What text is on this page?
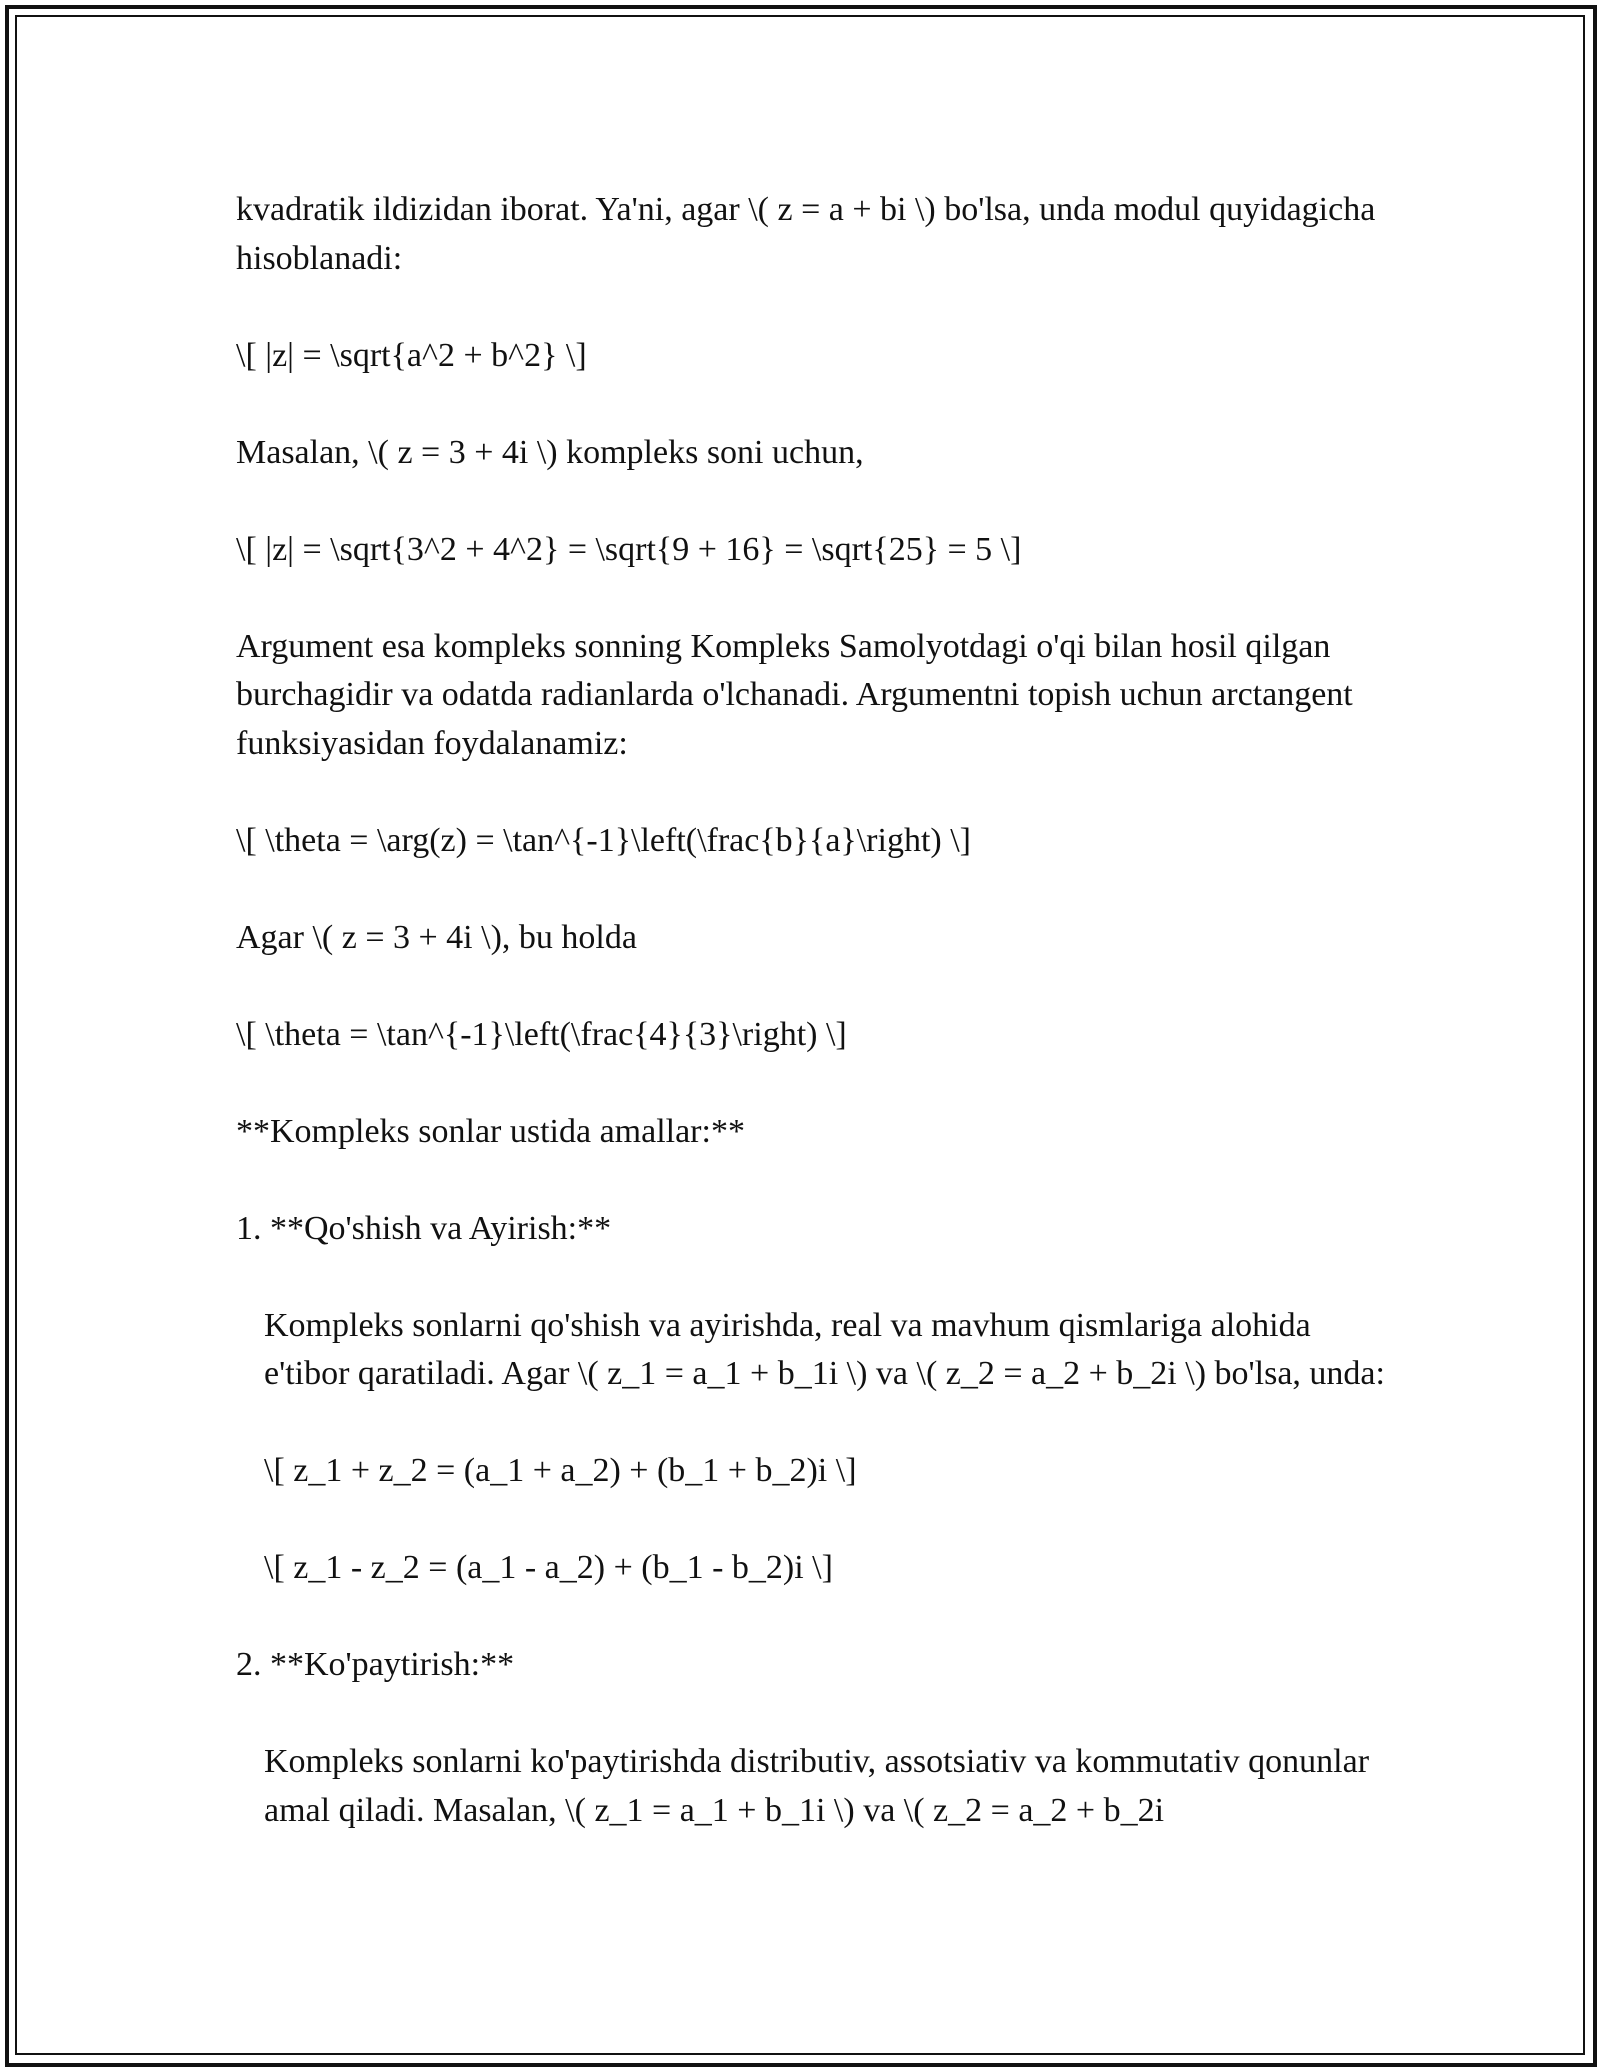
kvadratik ildizidan iborat. Ya'ni, agar \( z = a + bi \) bo'lsa, unda modul quyidagicha hisoblanadi:

\[ |z| = \sqrt{a^2 + b^2} \]

Masalan, \( z = 3 + 4i \) kompleks soni uchun,

\[ |z| = \sqrt{3^2 + 4^2} = \sqrt{9 + 16} = \sqrt{25} = 5 \]

Argument esa kompleks sonning Kompleks Samolyotdagi o'qi bilan hosil qilgan burchagidir va odatda radianlarda o'lchanadi. Argumentni topish uchun arctangent funksiyasidan foydalanamiz:

\[ \theta = \arg(z) = \tan^{-1}\left(\frac{b}{a}\right) \]

Agar \( z = 3 + 4i \), bu holda

\[ \theta = \tan^{-1}\left(\frac{4}{3}\right) \]

**Kompleks sonlar ustida amallar:**

1. **Qo'shish va Ayirish:**

Kompleks sonlarni qo'shish va ayirishda, real va mavhum qismlariga alohida e'tibor qaratiladi. Agar \( z_1 = a_1 + b_1i \) va \( z_2 = a_2 + b_2i \) bo'lsa, unda:

\[ z_1 + z_2 = (a_1 + a_2) + (b_1 + b_2)i \]

\[ z_1 - z_2 = (a_1 - a_2) + (b_1 - b_2)i \]

2. **Ko'paytirish:**

Kompleks sonlarni ko'paytirishda distributiv, assotsiativ va kommutativ qonunlar amal qiladi. Masalan, \( z_1 = a_1 + b_1i \) va \( z_2 = a_2 + b_2i
